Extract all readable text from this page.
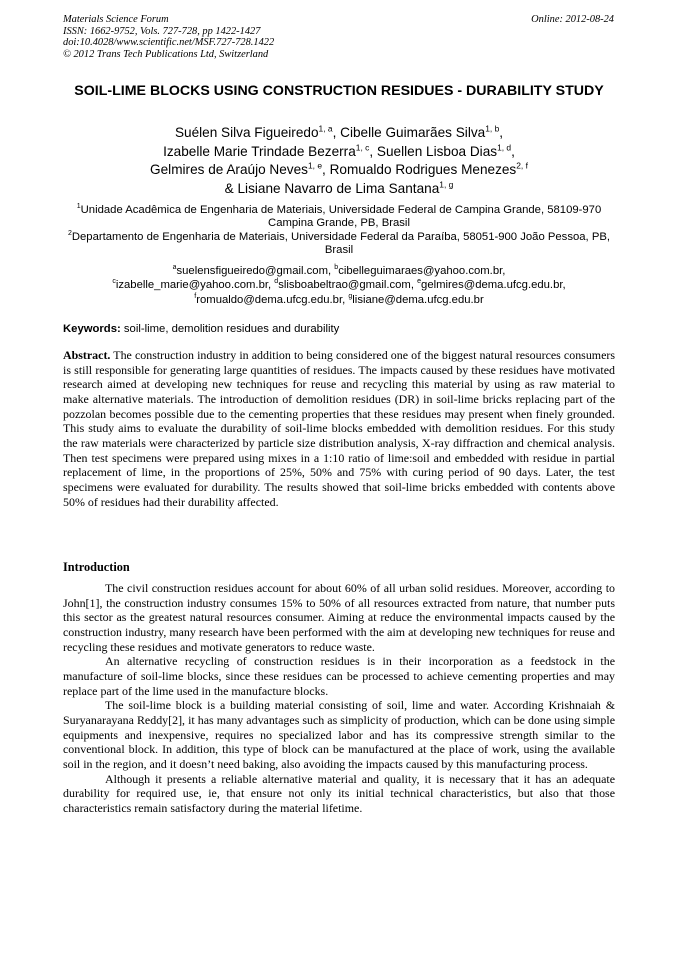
Materials Science Forum
ISSN: 1662-9752, Vols. 727-728, pp 1422-1427
doi:10.4028/www.scientific.net/MSF.727-728.1422
© 2012 Trans Tech Publications Ltd, Switzerland
Online: 2012-08-24
SOIL-LIME BLOCKS USING CONSTRUCTION RESIDUES - DURABILITY STUDY
Suélen Silva Figueiredo$^{1, a}$, Cibelle Guimarães Silva$^{1, b}$,
Izabelle Marie Trindade Bezerra$^{1, c}$, Suellen Lisboa Dias$^{1, d}$,
Gelmires de Araújo Neves$^{1, e}$, Romualdo Rodrigues Menezes$^{2, f}$
& Lisiane Navarro de Lima Santana$^{1, g}$
$^1$Unidade Acadêmica de Engenharia de Materiais, Universidade Federal de Campina Grande, 58109-970 Campina Grande, PB, Brasil
$^2$Departamento de Engenharia de Materiais, Universidade Federal da Paraíba, 58051-900 João Pessoa, PB, Brasil
$^a$suelensfigueiredo@gmail.com, $^b$cibelleguimaraes@yahoo.com.br,
$^c$izabelle_marie@yahoo.com.br, $^d$slisboabeltrao@gmail.com, $^e$gelmires@dema.ufcg.edu.br,
$^f$romualdo@dema.ufcg.edu.br, $^g$lisiane@dema.ufcg.edu.br
Keywords: soil-lime, demolition residues and durability
Abstract. The construction industry in addition to being considered one of the biggest natural resources consumers is still responsible for generating large quantities of residues. The impacts caused by these residues have motivated research aimed at developing new techniques for reuse and recycling this material by using as raw material to make alternative materials. The introduction of demolition residues (DR) in soil-lime bricks replacing part of the pozzolan becomes possible due to the cementing properties that these residues may present when finely grounded. This study aims to evaluate the durability of soil-lime blocks embedded with demolition residues. For this study the raw materials were characterized by particle size distribution analysis, X-ray diffraction and chemical analysis. Then test specimens were prepared using mixes in a 1:10 ratio of lime:soil and embedded with residue in partial replacement of lime, in the proportions of 25%, 50% and 75% with curing period of 90 days. Later, the test specimens were evaluated for durability. The results showed that soil-lime bricks embedded with contents above 50% of residues had their durability affected.
Introduction

The civil construction residues account for about 60% of all urban solid residues. Moreover, according to John[1], the construction industry consumes 15% to 50% of all resources extracted from nature, that number puts this sector as the greatest natural resources consumer. Aiming at reduce the environmental impacts caused by the construction industry, many research have been performed with the aim at developing new techniques for reuse and recycling these residues and motivate generators to reduce waste.

An alternative recycling of construction residues is in their incorporation as a feedstock in the manufacture of soil-lime blocks, since these residues can be processed to achieve cementing properties and may replace part of the lime used in the manufacture blocks.

The soil-lime block is a building material consisting of soil, lime and water. According Krishnaiah & Suryanarayana Reddy[2], it has many advantages such as simplicity of production, which can be done using simple equipments and inexpensive, requires no specialized labor and has its compressive strength similar to the conventional block. In addition, this type of block can be manufactured at the place of work, using the available soil in the region, and it doesn’t need baking, also avoiding the impacts caused by this manufacturing process.

Although it presents a reliable alternative material and quality, it is necessary that it has an adequate durability for required use, ie, that ensure not only its initial technical characteristics, but also that those characteristics remain satisfactory during the material lifetime.
